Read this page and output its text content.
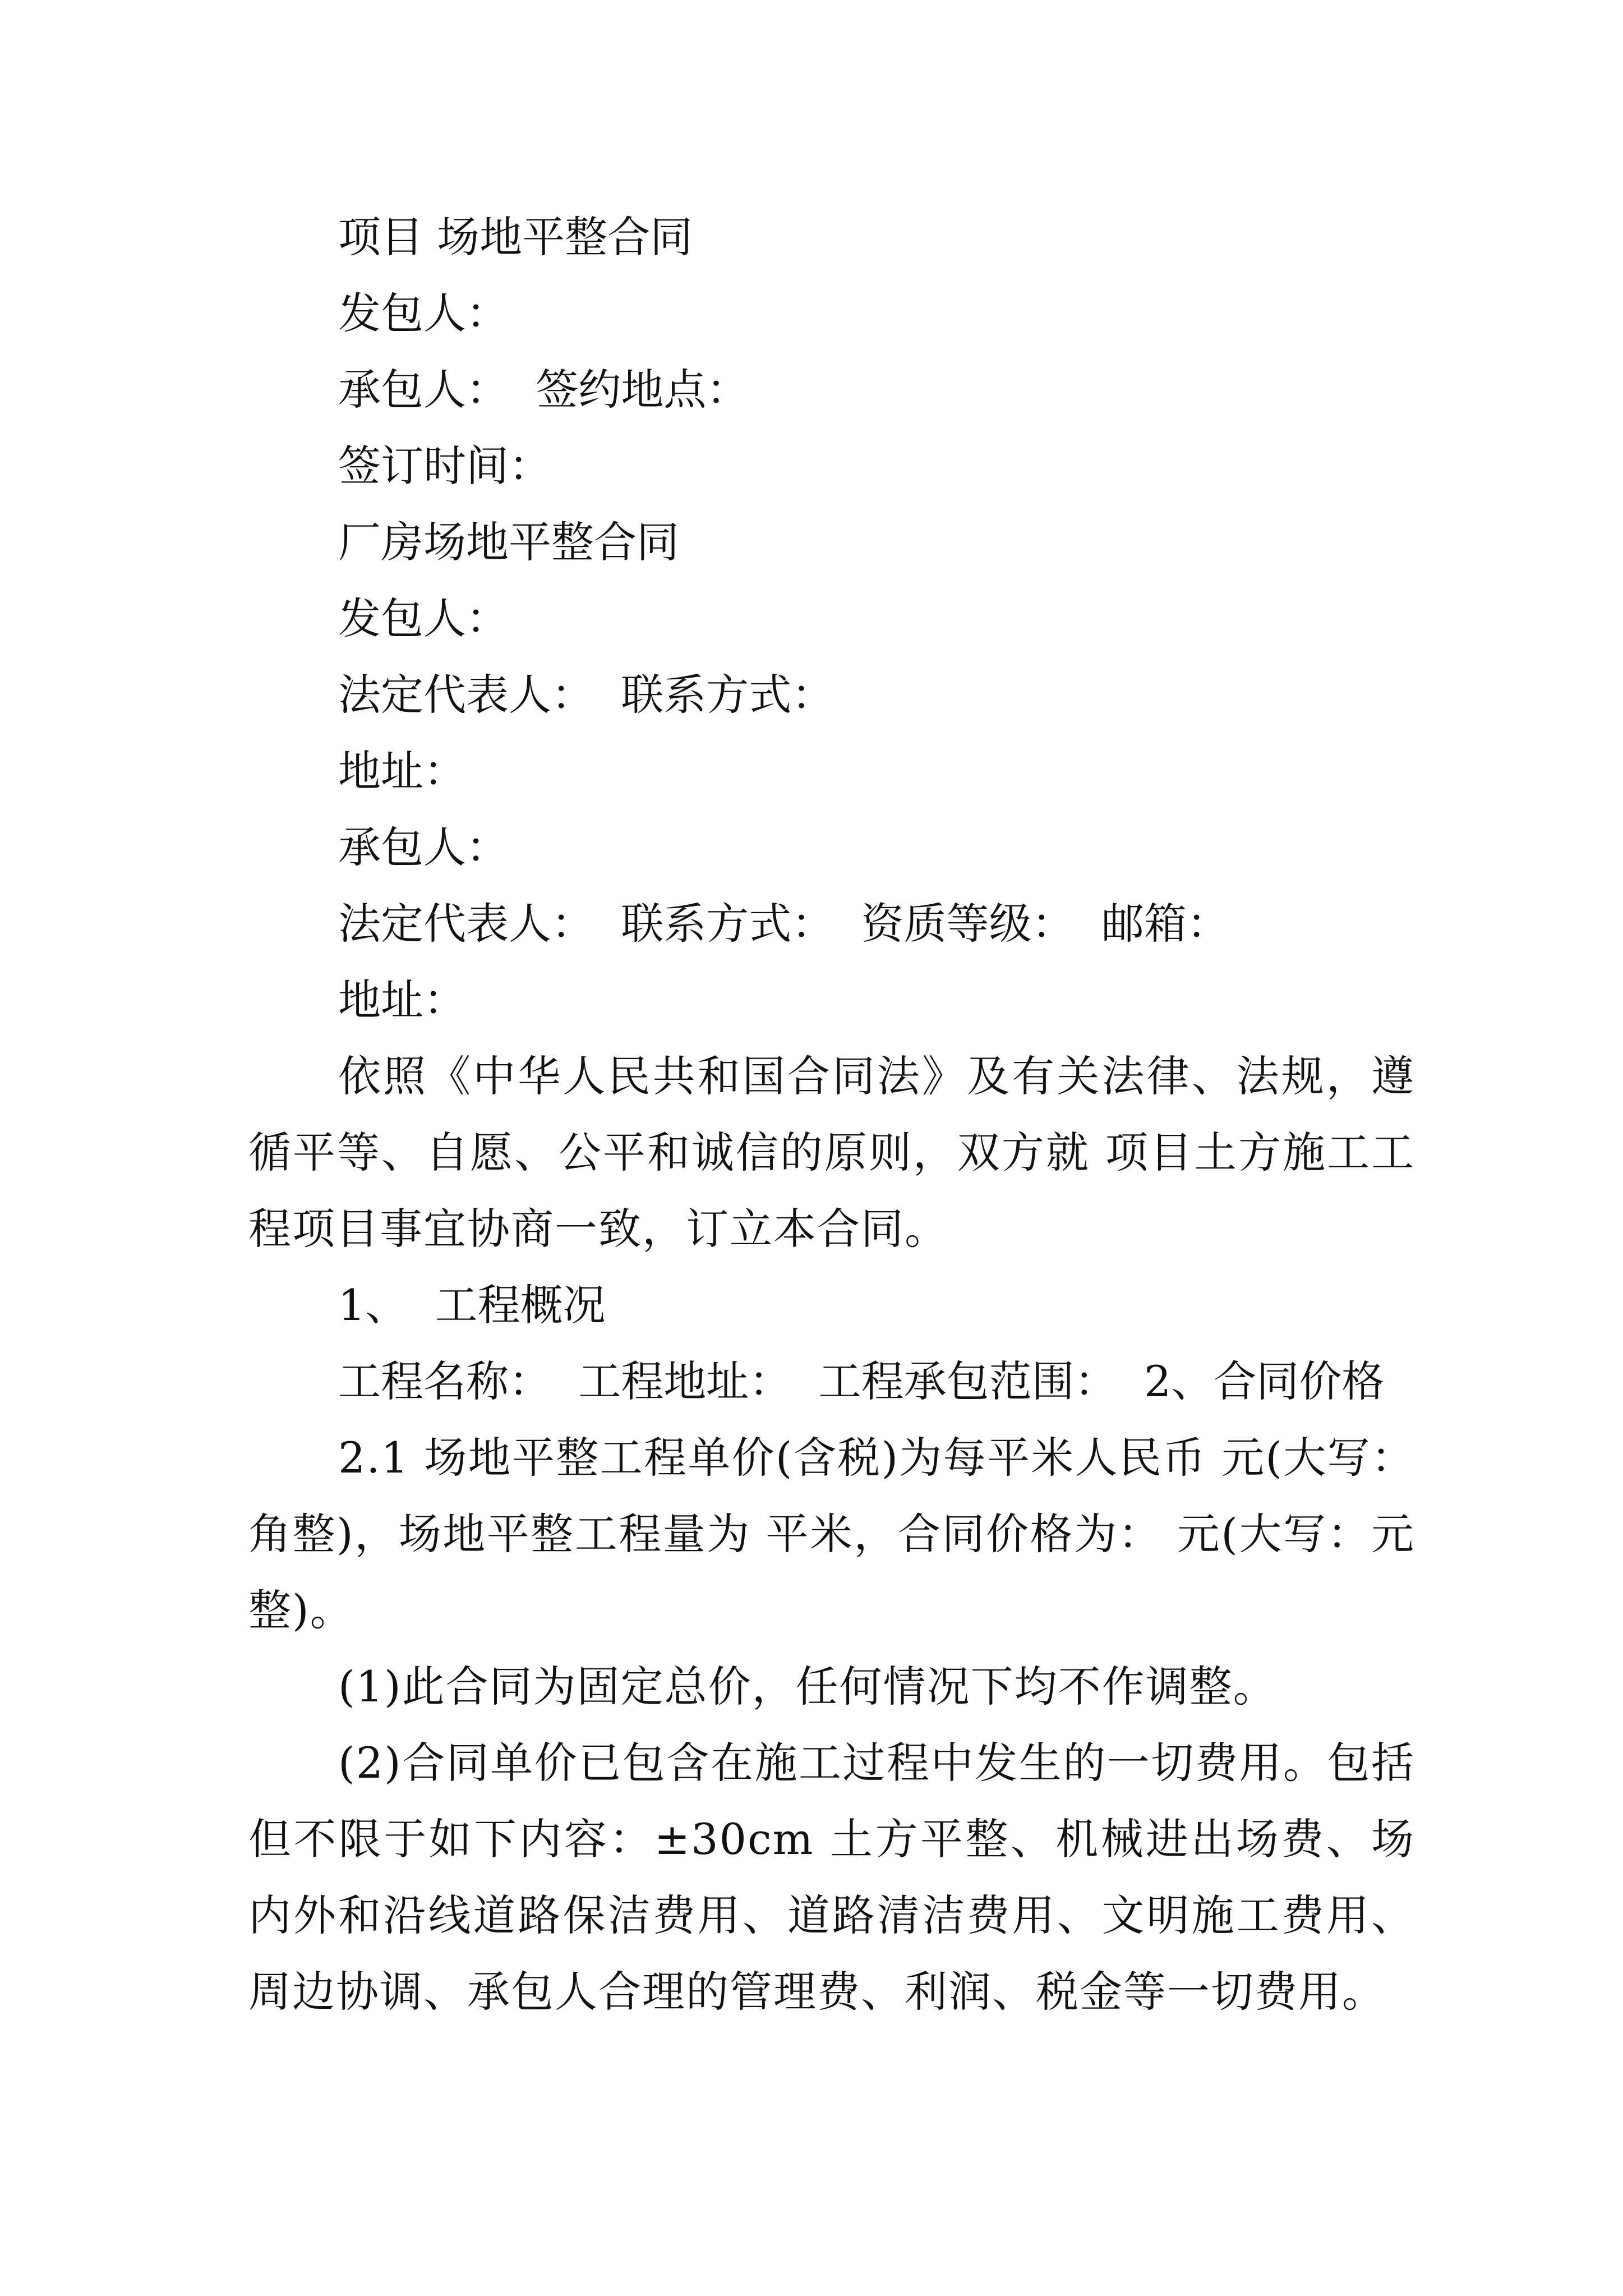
项目 场地平整合同
发包人：
承包人：  签约地点：
签订时间：
厂房场地平整合同
发包人：
法定代表人：  联系方式：
地址：
承包人：
法定代表人：  联系方式：  资质等级：  邮箱：
地址：

依照《中华人民共和国合同法》及有关法律、法规，遵循平等、自愿、公平和诚信的原则，双方就 项目土方施工工程项目事宜协商一致，订立本合同。

1、  工程概况
工程名称：  工程地址：  工程承包范围：  2、合同价格

2.1 场地平整工程单价(含税)为每平米人民币 元(大写：角整)，场地平整工程量为 平米，合同价格为： 元(大写：元整)。

(1)此合同为固定总价，任何情况下均不作调整。

(2)合同单价已包含在施工过程中发生的一切费用。包括但不限于如下内容：±30cm 土方平整、机械进出场费、场内外和沿线道路保洁费用、道路清洁费用、文明施工费用、周边协调、承包人合理的管理费、利润、税金等一切费用。
